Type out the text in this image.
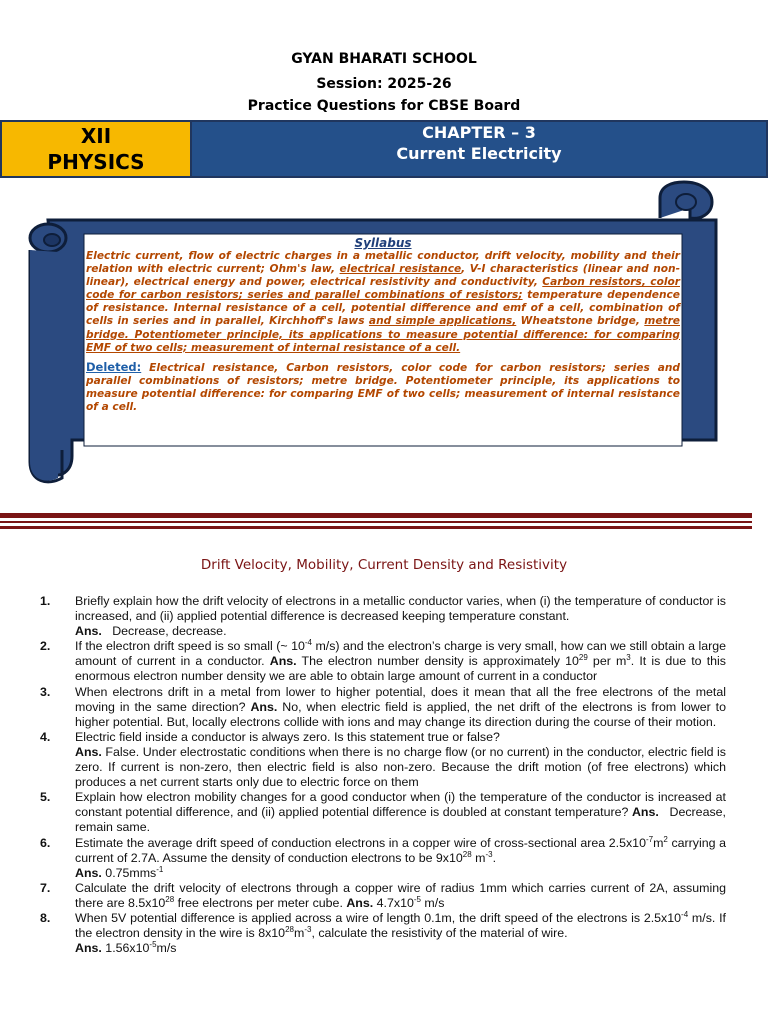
GYAN BHARATI SCHOOL
Session: 2025-26
Practice Questions for CBSE Board
XII
PHYSICS
CHAPTER – 3
Current Electricity
Syllabus
Electric current, flow of electric charges in a metallic conductor, drift velocity, mobility and their relation with electric current; Ohm's law, electrical resistance, V-I characteristics (linear and non-linear), electrical energy and power, electrical resistivity and conductivity, Carbon resistors, color code for carbon resistors; series and parallel combinations of resistors; temperature dependence of resistance. Internal resistance of a cell, potential difference and emf of a cell, combination of cells in series and in parallel, Kirchhoff's laws and simple applications, Wheatstone bridge, metre bridge. Potentiometer principle, its applications to measure potential difference: for comparing EMF of two cells; measurement of internal resistance of a cell.
Deleted: Electrical resistance, Carbon resistors, color code for carbon resistors; series and parallel combinations of resistors; metre bridge. Potentiometer principle, its applications to measure potential difference: for comparing EMF of two cells; measurement of internal resistance of a cell.
Drift Velocity, Mobility, Current Density and Resistivity
1. Briefly explain how the drift velocity of electrons in a metallic conductor varies, when (i) the temperature of conductor is increased, and (ii) applied potential difference is decreased keeping temperature constant.
Ans. Decrease, decrease.
2. If the electron drift speed is so small (~ $10^{-4}$ m/s) and the electron’s charge is very small, how can we still obtain a large amount of current in a conductor. Ans. The electron number density is approximately $10^{29}$ per $m^3$. It is due to this enormous electron number density we are able to obtain large amount of current in a conductor
3. When electrons drift in a metal from lower to higher potential, does it mean that all the free electrons of the metal moving in the same direction? Ans. No, when electric field is applied, the net drift of the electrons is from lower to higher potential. But, locally electrons collide with ions and may change its direction during the course of their motion.
4. Electric field inside a conductor is always zero. Is this statement true or false?
Ans. False. Under electrostatic conditions when there is no charge flow (or no current) in the conductor, electric field is zero. If current is non-zero, then electric field is also non-zero. Because the drift motion (of free electrons) which produces a net current starts only due to electric force on them
5. Explain how electron mobility changes for a good conductor when (i) the temperature of the conductor is increased at constant potential difference, and (ii) applied potential difference is doubled at constant temperature? Ans. Decrease, remain same.
6. Estimate the average drift speed of conduction electrons in a copper wire of cross-sectional area $2.5x10^{-7}m^2$ carrying a current of 2.7A. Assume the density of conduction electrons to be $9x10^{28}$ $m^{-3}$.
Ans. 0.75mms$^{-1}$
7. Calculate the drift velocity of electrons through a copper wire of radius 1mm which carries current of 2A, assuming there are $8.5x10^{28}$ free electrons per meter cube. Ans. $4.7x10^{-5}$ m/s
8. When 5V potential difference is applied across a wire of length 0.1m, the drift speed of the electrons is $2.5x10^{-4}$ m/s. If the electron density in the wire is $8x10^{28}m^{-3}$, calculate the resistivity of the material of wire.
Ans. $1.56x10^{-5}m/s$
